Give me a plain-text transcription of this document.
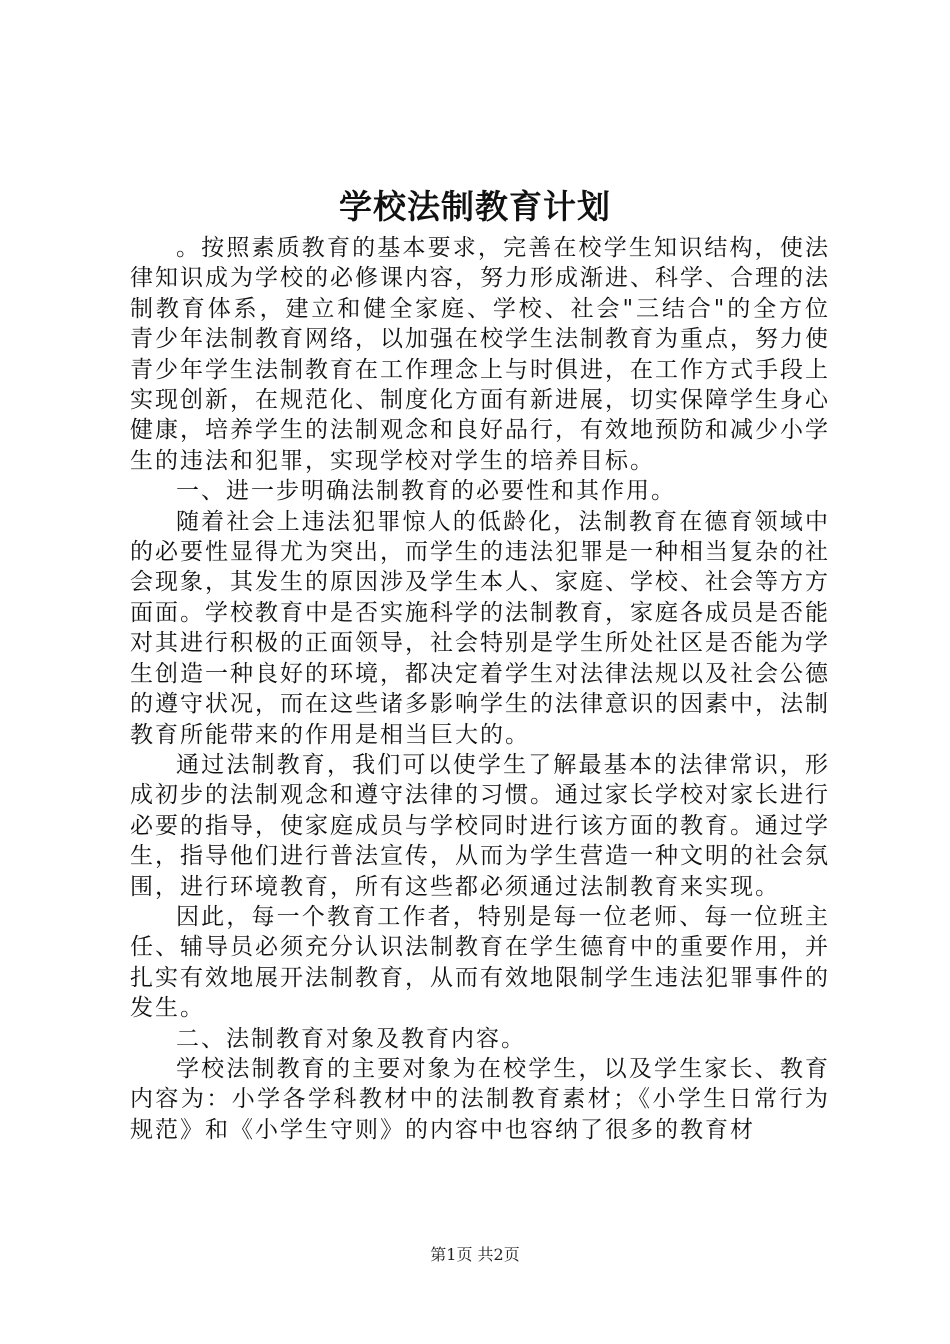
学校法制教育计划

。按照素质教育的基本要求，完善在校学生知识结构，使法律知识成为学校的必修课内容，努力形成渐进、科学、合理的法制教育体系，建立和健全家庭、学校、社会"三结合"的全方位青少年法制教育网络，以加强在校学生法制教育为重点，努力使青少年学生法制教育在工作理念上与时俱进，在工作方式手段上实现创新，在规范化、制度化方面有新进展，切实保障学生身心健康，培养学生的法制观念和良好品行，有效地预防和减少小学生的违法和犯罪，实现学校对学生的培养目标。

一、进一步明确法制教育的必要性和其作用。

随着社会上违法犯罪惊人的低龄化，法制教育在德育领域中的必要性显得尤为突出，而学生的违法犯罪是一种相当复杂的社会现象，其发生的原因涉及学生本人、家庭、学校、社会等方方面面。学校教育中是否实施科学的法制教育，家庭各成员是否能对其进行积极的正面领导，社会特别是学生所处社区是否能为学生创造一种良好的环境，都决定着学生对法律法规以及社会公德的遵守状况，而在这些诸多影响学生的法律意识的因素中，法制教育所能带来的作用是相当巨大的。

通过法制教育，我们可以使学生了解最基本的法律常识，形成初步的法制观念和遵守法律的习惯。通过家长学校对家长进行必要的指导，使家庭成员与学校同时进行该方面的教育。通过学生，指导他们进行普法宣传，从而为学生营造一种文明的社会氛围，进行环境教育，所有这些都必须通过法制教育来实现。

因此，每一个教育工作者，特别是每一位老师、每一位班主任、辅导员必须充分认识法制教育在学生德育中的重要作用，并扎实有效地展开法制教育，从而有效地限制学生违法犯罪事件的发生。

二、法制教育对象及教育内容。

学校法制教育的主要对象为在校学生，以及学生家长、教育内容为：小学各学科教材中的法制教育素材；《小学生日常行为规范》和《小学生守则》的内容中也容纳了很多的教育材

第1页 共2页
